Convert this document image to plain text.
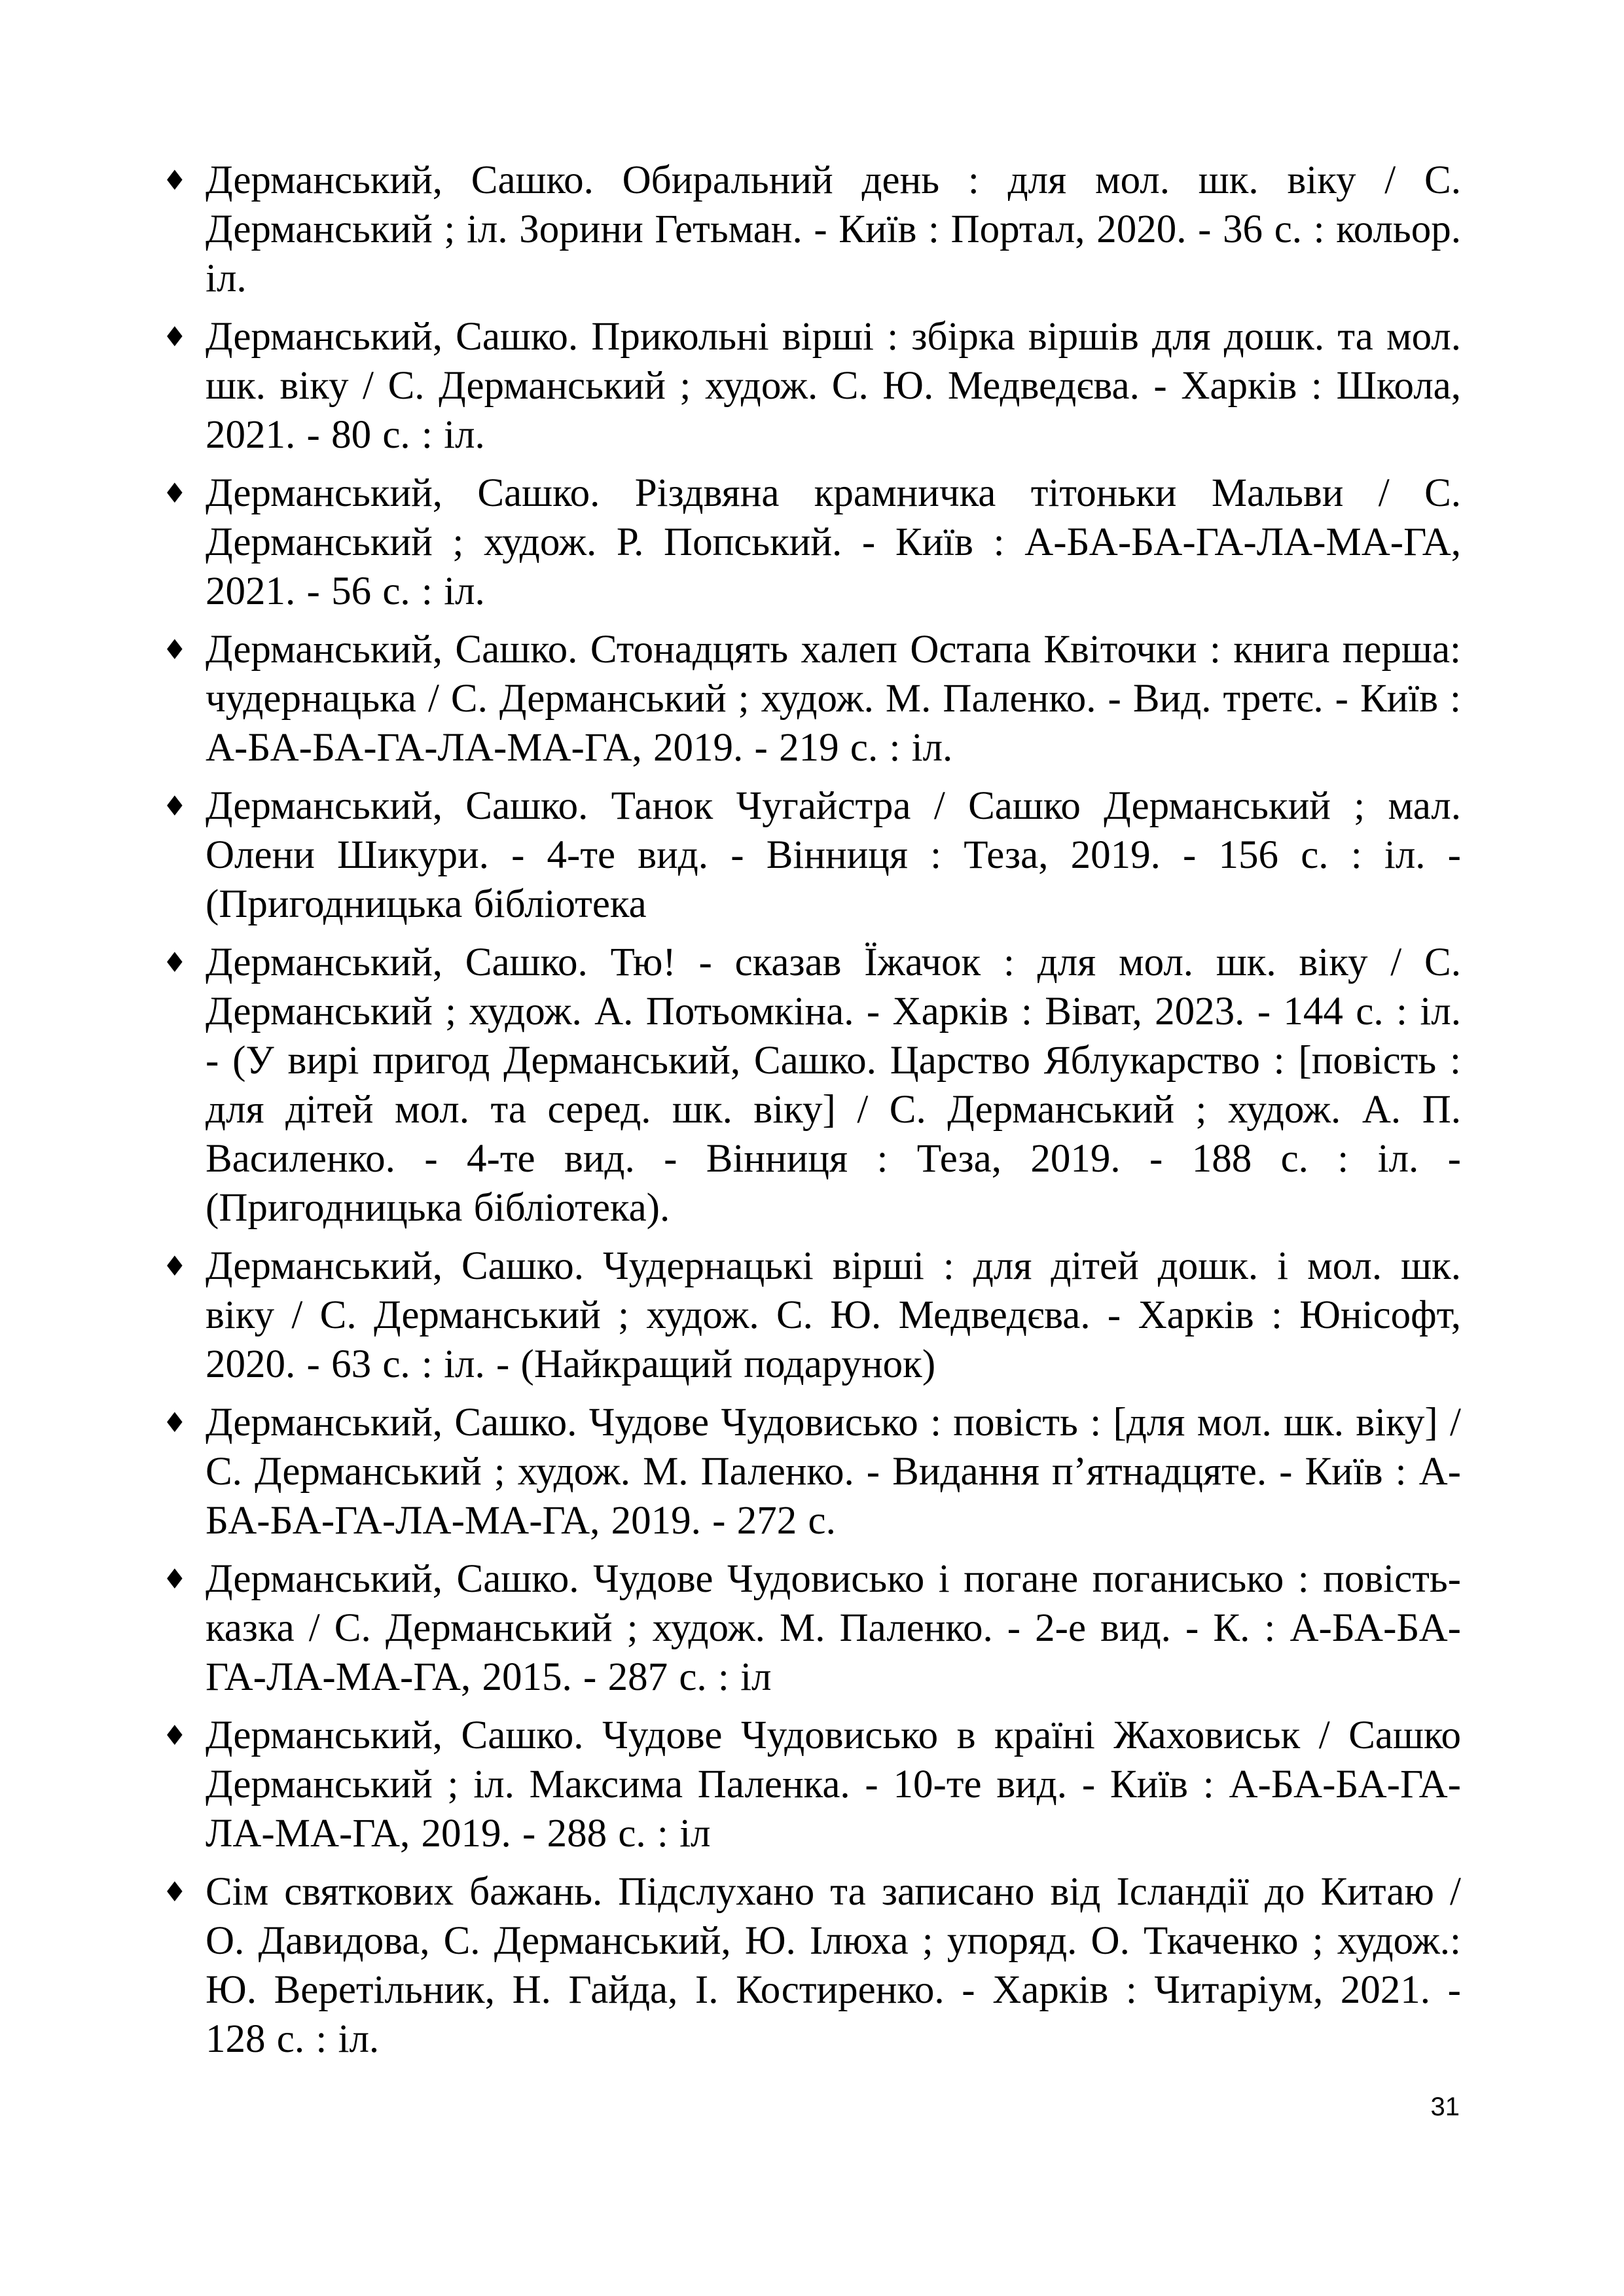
♦ Дерманський, Сашко. Обиральний день : для мол. шк. віку / С. Дерманський ; іл. Зорини Гетьман. - Київ : Портал, 2020. - 36 с. : кольор. іл.
♦ Дерманський, Сашко. Прикольні вірші : збірка віршів для дошк. та мол. шк. віку / С. Дерманський ; худож. С. Ю. Медведєва. - Харків : Школа, 2021. - 80 с. : іл.
♦ Дерманський, Сашко. Різдвяна крамничка тітоньки Мальви / С. Дерманський ; худож. Р. Попський. - Київ : А-БА-БА-ГА-ЛА-МА-ГА, 2021. - 56 с. : іл.
♦ Дерманський, Сашко. Стонадцять халеп Остапа Квіточки : книга перша: чудернацька / С. Дерманський ; худож. М. Паленко. - Вид. третє. - Київ : А-БА-БА-ГА-ЛА-МА-ГА, 2019. - 219 с. : іл.
♦ Дерманський, Сашко. Танок Чугайстра / Сашко Дерманський ; мал. Олени Шикури. - 4-те вид. - Вінниця : Теза, 2019. - 156 с. : іл. - (Пригодницька бібліотека
♦ Дерманський, Сашко. Тю! - сказав Їжачок : для мол. шк. віку / С. Дерманський ; худож. А. Потьомкіна. - Харків : Віват, 2023. - 144 с. : іл. - (У вирі пригод Дерманський, Сашко. Царство Яблукарство : [повість : для дітей мол. та серед. шк. віку] / С. Дерманський ; худож. А. П. Василенко. - 4-те вид. - Вінниця : Теза, 2019. - 188 с. : іл. - (Пригодницька бібліотека).
♦ Дерманський, Сашко. Чудернацькі вірші : для дітей дошк. і мол. шк. віку / С. Дерманський ; худож. С. Ю. Медведєва. - Харків : Юнісофт, 2020. - 63 с. : іл. - (Найкращий подарунок)
♦ Дерманський, Сашко. Чудове Чудовисько : повість : [для мол. шк. віку] / С. Дерманський ; худож. М. Паленко. - Видання п’ятнадцяте. - Київ : А-БА-БА-ГА-ЛА-МА-ГА, 2019. - 272 с.
♦ Дерманський, Сашко. Чудове Чудовисько і погане поганисько : повість-казка / С. Дерманський ; худож. М. Паленко. - 2-е вид. - К. : А-БА-БА-ГА-ЛА-МА-ГА, 2015. - 287 с. : іл
♦ Дерманський, Сашко. Чудове Чудовисько в країні Жаховиськ / Сашко Дерманський ; іл. Максима Паленка. - 10-те вид. - Київ : А-БА-БА-ГА-ЛА-МА-ГА, 2019. - 288 с. : іл
♦ Сім святкових бажань. Підслухано та записано від Ісландії до Китаю / О. Давидова, С. Дерманський, Ю. Ілюха ; упоряд. О. Ткаченко ; худож.: Ю. Веретільник, Н. Гайда, І. Костиренко. - Харків : Читаріум, 2021. - 128 с. : іл.
31
